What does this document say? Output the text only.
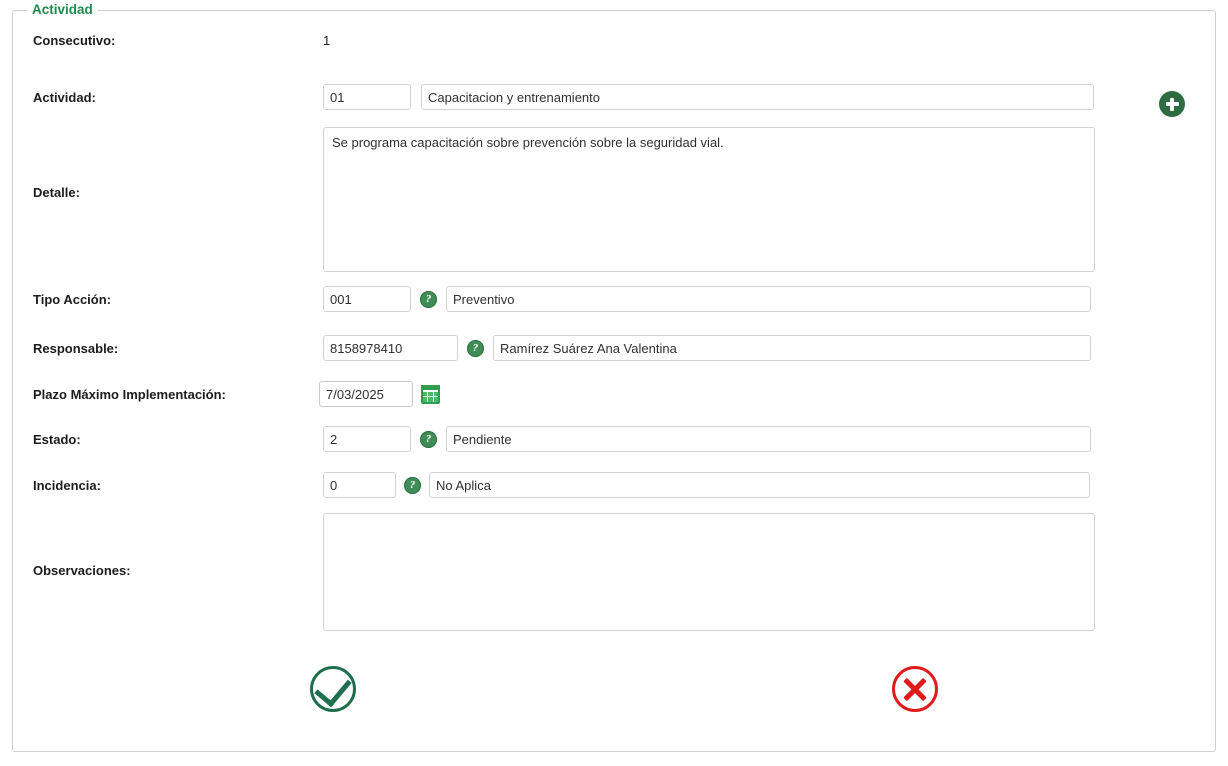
Actividad
Consecutivo:	1
Actividad:
01
Capacitacion y entrenamiento
Detalle:
Se programa capacitación sobre prevención sobre la seguridad vial.
Tipo Acción:
001	?
Preventivo
Responsable:
8158978410	?
Ramírez Suárez Ana Valentina
Plazo Máximo Implementación:
7/03/2025
Estado:
2	?
Pendiente
Incidencia:
0	?
No Aplica
Observaciones:
